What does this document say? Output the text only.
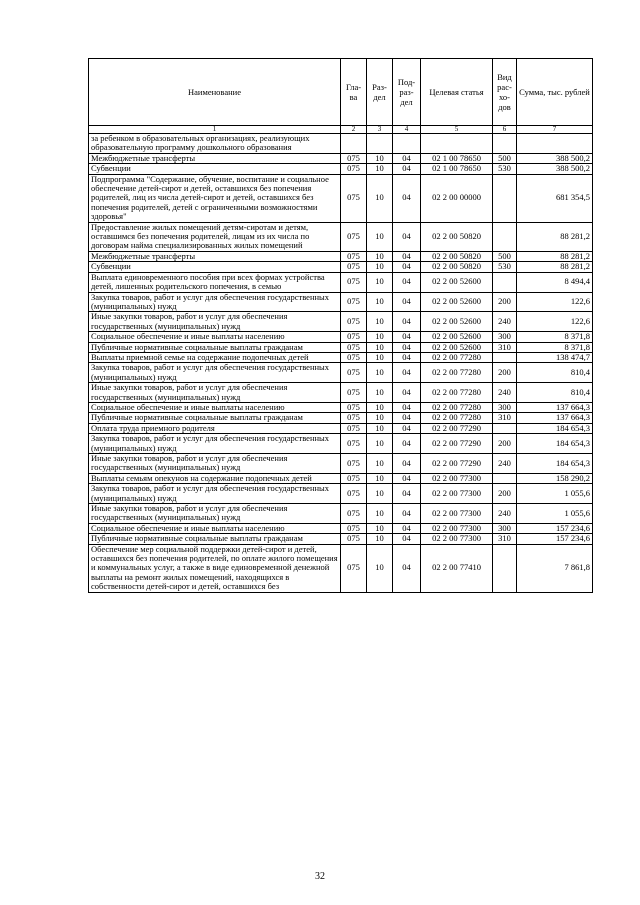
Наименование	Гла-ва	Раз-дел	Под-раз-дел	Целевая статья	Вид рас-хо-дов	Сумма, тыс. рублей
1	2	3	4	5	6	7
за ребенком в образовательных организациях, реализующих образовательную программу дошкольного образования						
Межбюджетные трансферты	075	10	04	02 1 00 78650	500	388 500,2
Субвенции	075	10	04	02 1 00 78650	530	388 500,2
Подпрограмма "Содержание, обучение, воспитание и социальное обеспечение детей-сирот и детей, оставшихся без попечения родителей, лиц из числа детей-сирот и детей, оставшихся без попечения родителей, детей с ограниченными возможностями здоровья"	075	10	04	02 2 00 00000		681 354,5
Предоставление жилых помещений детям-сиротам и детям, оставшимся без попечения родителей, лицам из их числа по договорам найма специализированных жилых помещений	075	10	04	02 2 00 50820		88 281,2
Межбюджетные трансферты	075	10	04	02 2 00 50820	500	88 281,2
Субвенции	075	10	04	02 2 00 50820	530	88 281,2
Выплата единовременного пособия при всех формах устройства детей, лишенных родительского попечения, в семью	075	10	04	02 2 00 52600		8 494,4
Закупка товаров, работ и услуг для обеспечения государственных (муниципальных) нужд	075	10	04	02 2 00 52600	200	122,6
Иные закупки товаров, работ и услуг для обеспечения государственных (муниципальных) нужд	075	10	04	02 2 00 52600	240	122,6
Социальное обеспечение и иные выплаты населению	075	10	04	02 2 00 52600	300	8 371,8
Публичные нормативные социальные выплаты гражданам	075	10	04	02 2 00 52600	310	8 371,8
Выплаты приемной семье на содержание подопечных детей	075	10	04	02 2 00 77280		138 474,7
Закупка товаров, работ и услуг для обеспечения государственных (муниципальных) нужд	075	10	04	02 2 00 77280	200	810,4
Иные закупки товаров, работ и услуг для обеспечения государственных (муниципальных) нужд	075	10	04	02 2 00 77280	240	810,4
Социальное обеспечение и иные выплаты населению	075	10	04	02 2 00 77280	300	137 664,3
Публичные нормативные социальные выплаты гражданам	075	10	04	02 2 00 77280	310	137 664,3
Оплата труда приемного родителя	075	10	04	02 2 00 77290		184 654,3
Закупка товаров, работ и услуг для обеспечения государственных (муниципальных) нужд	075	10	04	02 2 00 77290	200	184 654,3
Иные закупки товаров, работ и услуг для обеспечения государственных (муниципальных) нужд	075	10	04	02 2 00 77290	240	184 654,3
Выплаты семьям опекунов на содержание подопечных детей	075	10	04	02 2 00 77300		158 290,2
Закупка товаров, работ и услуг для обеспечения государственных (муниципальных) нужд	075	10	04	02 2 00 77300	200	1 055,6
Иные закупки товаров, работ и услуг для обеспечения государственных (муниципальных) нужд	075	10	04	02 2 00 77300	240	1 055,6
Социальное обеспечение и иные выплаты населению	075	10	04	02 2 00 77300	300	157 234,6
Публичные нормативные социальные выплаты гражданам	075	10	04	02 2 00 77300	310	157 234,6
Обеспечение мер социальной поддержки детей-сирот и детей, оставшихся без попечения родителей, по оплате жилого помещения и коммунальных услуг, а также в виде единовременной денежной выплаты на ремонт жилых помещений, находящихся в собственности детей-сирот и детей, оставшихся без	075	10	04	02 2 00 77410		7 861,8
32
